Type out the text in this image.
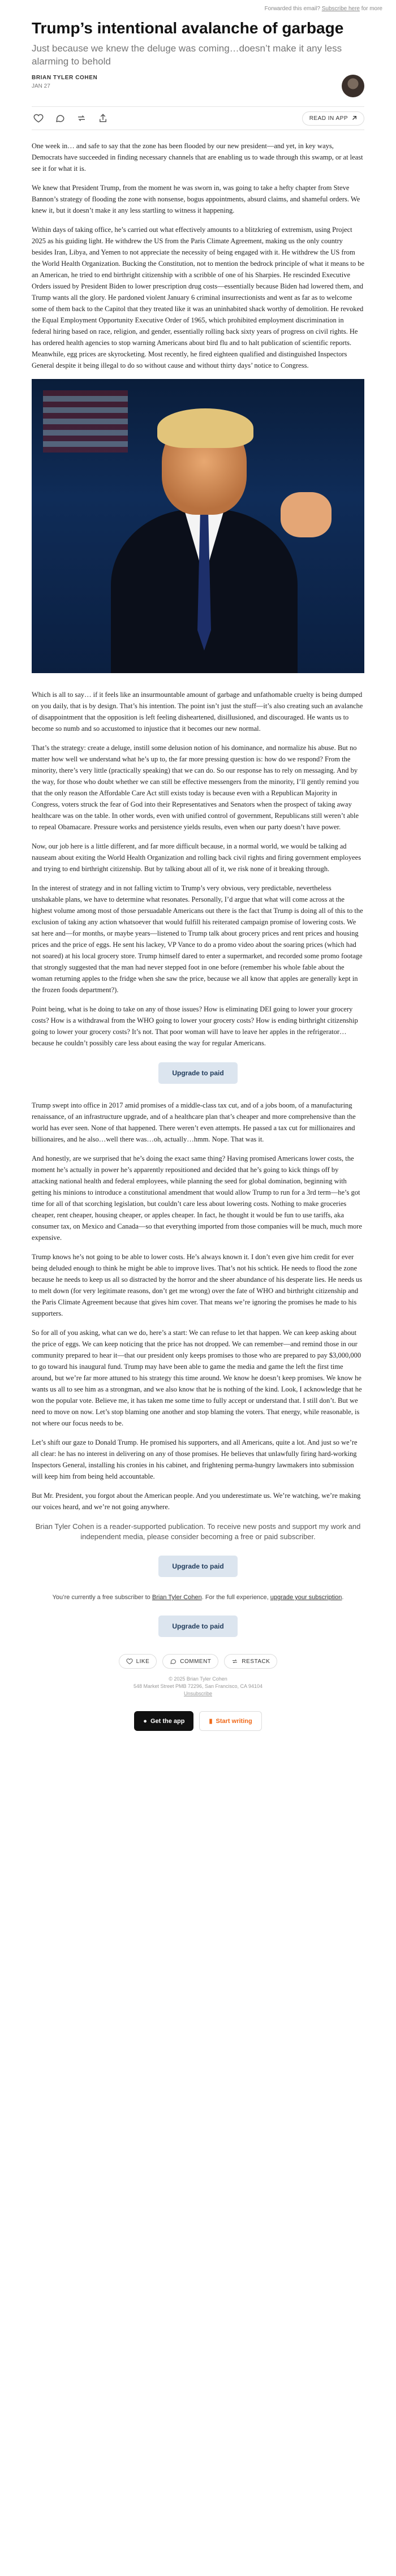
Forwarded this email? Subscribe here for more
Trump’s intentional avalanche of garbage
Just because we knew the deluge was coming…doesn’t make it any less alarming to behold
BRIAN TYLER COHEN
JAN 27
READ IN APP

One week in… and safe to say that the zone has been flooded by our new president—and yet, in key ways, Democrats have succeeded in finding necessary channels that are enabling us to wade through this swamp, or at least see it for what it is.

We knew that President Trump, from the moment he was sworn in, was going to take a hefty chapter from Steve Bannon’s strategy of flooding the zone with nonsense, bogus appointments, absurd claims, and shameful orders. We knew it, but it doesn’t make it any less startling to witness it happening.

Within days of taking office, he’s carried out what effectively amounts to a blitzkrieg of extremism, using Project 2025 as his guiding light. He withdrew the US from the Paris Climate Agreement, making us the only country besides Iran, Libya, and Yemen to not appreciate the necessity of being engaged with it. He withdrew the US from the World Health Organization. Bucking the Constitution, not to mention the bedrock principle of what it means to be an American, he tried to end birthright citizenship with a scribble of one of his Sharpies. He rescinded Executive Orders issued by President Biden to lower prescription drug costs—essentially because Biden had lowered them, and Trump wants all the glory. He pardoned violent January 6 criminal insurrectionists and went as far as to welcome some of them back to the Capitol that they treated like it was an uninhabited shack worthy of demolition. He revoked the Equal Employment Opportunity Executive Order of 1965, which prohibited employment discrimination in federal hiring based on race, religion, and gender, essentially rolling back sixty years of progress on civil rights. He has ordered health agencies to stop warning Americans about bird flu and to halt publication of scientific reports. Meanwhile, egg prices are skyrocketing. Most recently, he fired eighteen qualified and distinguished Inspectors General despite it being illegal to do so without cause and without thirty days’ notice to Congress.

Which is all to say… if it feels like an insurmountable amount of garbage and unfathomable cruelty is being dumped on you daily, that is by design. That’s his intention. The point isn’t just the stuff—it’s also creating such an avalanche of disappointment that the opposition is left feeling disheartened, disillusioned, and discouraged. He wants us to become so numb and so accustomed to injustice that it becomes our new normal.

That’s the strategy: create a deluge, instill some delusion notion of his dominance, and normalize his abuse. But no matter how well we understand what he’s up to, the far more pressing question is: how do we respond? From the minority, there’s very little (practically speaking) that we can do. So our response has to rely on messaging. And by the way, for those who doubt whether we can still be effective messengers from the minority, I’ll gently remind you that the only reason the Affordable Care Act still exists today is because even with a Republican Majority in Congress, voters struck the fear of God into their Representatives and Senators when the prospect of taking away healthcare was on the table. In other words, even with unified control of government, Republicans still weren’t able to repeal Obamacare. Pressure works and persistence yields results, even when our party doesn’t have power.

Now, our job here is a little different, and far more difficult because, in a normal world, we would be talking ad nauseam about exiting the World Health Organization and rolling back civil rights and firing government employees and trying to end birthright citizenship. But by talking about all of it, we risk none of it breaking through.

In the interest of strategy and in not falling victim to Trump’s very obvious, very predictable, nevertheless unshakable plans, we have to determine what resonates. Personally, I’d argue that what will come across at the highest volume among most of those persuadable Americans out there is the fact that Trump is doing all of this to the exclusion of taking any action whatsoever that would fulfill his reiterated campaign promise of lowering costs. We sat here and—for months, or maybe years—listened to Trump talk about grocery prices and rent prices and housing prices and the price of eggs. He sent his lackey, VP Vance to do a promo video about the soaring prices (which had not soared) at his local grocery store. Trump himself dared to enter a supermarket, and recorded some promo footage that strongly suggested that the man had never stepped foot in one before (remember his whole fable about the woman returning apples to the fridge when she saw the price, because we all know that apples are generally kept in the frozen foods department?).

Point being, what is he doing to take on any of those issues? How is eliminating DEI going to lower your grocery costs? How is a withdrawal from the WHO going to lower your grocery costs? How is ending birthright citizenship going to lower your grocery costs? It’s not. That poor woman will have to leave her apples in the refrigerator…because he couldn’t possibly care less about easing the way for regular Americans.

Upgrade to paid

Trump swept into office in 2017 amid promises of a middle-class tax cut, and of a jobs boom, of a manufacturing renaissance, of an infrastructure upgrade, and of a healthcare plan that’s cheaper and more comprehensive than the world has ever seen. None of that happened. There weren’t even attempts. He passed a tax cut for millionaires and billionaires, and he also…well there was…oh, actually…hmm. Nope. That was it.

And honestly, are we surprised that he’s doing the exact same thing? Having promised Americans lower costs, the moment he’s actually in power he’s apparently repositioned and decided that he’s going to kick things off by attacking national health and federal employees, while planning the seed for global domination, beginning with getting his minions to introduce a constitutional amendment that would allow Trump to run for a 3rd term—he’s got time for all of that scorching legislation, but couldn’t care less about lowering costs. Nothing to make groceries cheaper, rent cheaper, housing cheaper, or apples cheaper. In fact, he thought it would be fun to use tariffs, aka consumer tax, on Mexico and Canada—so that everything imported from those companies will be much, much more expensive.

Trump knows he’s not going to be able to lower costs. He’s always known it. I don’t even give him credit for ever being deluded enough to think he might be able to improve lives. That’s not his schtick. He needs to flood the zone because he needs to keep us all so distracted by the horror and the sheer abundance of his desperate lies. He needs us to melt down (for very legitimate reasons, don’t get me wrong) over the fate of WHO and birthright citizenship and the Paris Climate Agreement because that gives him cover. That means we’re ignoring the promises he made to his supporters.

So for all of you asking, what can we do, here’s a start: We can refuse to let that happen. We can keep asking about the price of eggs. We can keep noticing that the price has not dropped. We can remember—and remind those in our community prepared to hear it—that our president only keeps promises to those who are prepared to pay $3,000,000 to go toward his inaugural fund. Trump may have been able to game the media and game the left the first time around, but we’re far more attuned to his strategy this time around. We know he doesn’t keep promises. We know he wants us all to see him as a strongman, and we also know that he is nothing of the kind. Look, I acknowledge that he won the popular vote. Believe me, it has taken me some time to fully accept or understand that. I still don’t. But we need to move on now. Let’s stop blaming one another and stop blaming the voters. That energy, while reasonable, is not where our focus needs to be.

Let’s shift our gaze to Donald Trump. He promised his supporters, and all Americans, quite a lot. And just so we’re all clear: he has no interest in delivering on any of those promises. He believes that unlawfully firing hard-working Inspectors General, installing his cronies in his cabinet, and frightening perma-hungry lawmakers into submission will keep him from being held accountable.

But Mr. President, you forgot about the American people. And you underestimate us. We’re watching, we’re making our voices heard, and we’re not going anywhere.

Brian Tyler Cohen is a reader-supported publication. To receive new posts and support my work and independent media, please consider becoming a free or paid subscriber.
Upgrade to paid
You’re currently a free subscriber to Brian Tyler Cohen. For the full experience, upgrade your subscription.
Upgrade to paid
LIKE	COMMENT	RESTACK
© 2025 Brian Tyler Cohen
548 Market Street PMB 72296, San Francisco, CA 94104
Unsubscribe
● Get the app	▮ Start writing
